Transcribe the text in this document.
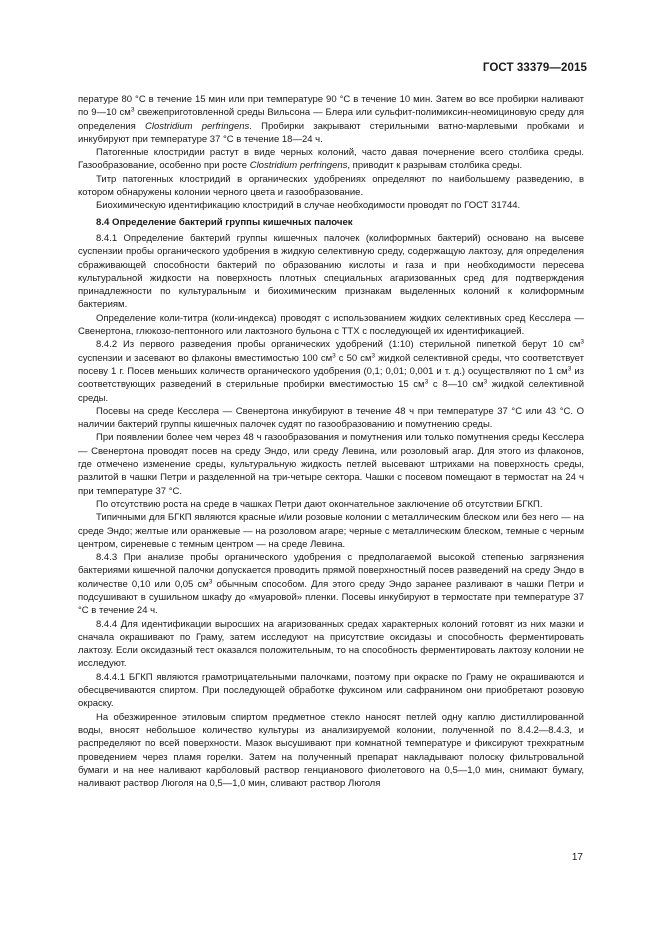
ГОСТ 33379—2015

пературе 80 °С в течение 15 мин или при температуре 90 °С в течение 10 мин. Затем во все пробирки наливают по 9—10 $см^3$ свежеприготовленной среды Вильсона — Блера или сульфит-полимиксин-неомициновую среду для определения Clostridium perfringens. Пробирки закрывают стерильными ватно-марлевыми пробками и инкубируют при температуре 37 °С в течение 18—24 ч.

Патогенные клостридии растут в виде черных колоний, часто давая почернение всего столбика среды. Газообразование, особенно при росте Clostridium perfringens, приводит к разрывам столбика среды.

Титр патогенных клостридий в органических удобрениях определяют по наибольшему разведению, в котором обнаружены колонии черного цвета и газообразование.

Биохимическую идентификацию клостридий в случае необходимости проводят по ГОСТ 31744.

8.4 Определение бактерий группы кишечных палочек

8.4.1 Определение бактерий группы кишечных палочек (колиформных бактерий) основано на высеве суспензии пробы органического удобрения в жидкую селективную среду, содержащую лактозу, для определения сбраживающей способности бактерий по образованию кислоты и газа и при необходимости пересева культуральной жидкости на поверхность плотных специальных агаризованных сред для подтверждения принадлежности по культуральным и биохимическим признакам выделенных колоний к колиформным бактериям.

Определение коли-титра (коли-индекса) проводят с использованием жидких селективных сред Кесслера — Свенертона, глюкозо-пептонного или лактозного бульона с ТТХ с последующей их идентификацией.

8.4.2 Из первого разведения пробы органических удобрений (1:10) стерильной пипеткой берут 10 $см^3$ суспензии и засевают во флаконы вместимостью 100 $см^3$ с 50 $см^3$ жидкой селективной среды, что соответствует посеву 1 г. Посев меньших количеств органического удобрения (0,1; 0,01; 0,001 и т. д.) осуществляют по 1 $см^3$ из соответствующих разведений в стерильные пробирки вместимостью 15 $см^3$ с 8—10 $см^3$ жидкой селективной среды.

Посевы на среде Кесслера — Свенертона инкубируют в течение 48 ч при температуре 37 °С или 43 °С. О наличии бактерий группы кишечных палочек судят по газообразованию и помутнению среды.

При появлении более чем через 48 ч газообразования и помутнения или только помутнения среды Кесслера — Свенертона проводят посев на среду Эндо, или среду Левина, или розоловый агар. Для этого из флаконов, где отмечено изменение среды, культуральную жидкость петлей высевают штрихами на поверхность среды, разлитой в чашки Петри и разделенной на три-четыре сектора. Чашки с посевом помещают в термостат на 24 ч при температуре 37 °С.

По отсутствию роста на среде в чашках Петри дают окончательное заключение об отсутствии БГКП.

Типичными для БГКП являются красные и/или розовые колонии с металлическим блеском или без него — на среде Эндо; желтые или оранжевые — на розоловом агаре; черные с металлическим блеском, темные с черным центром, сиреневые с темным центром — на среде Левина.

8.4.3 При анализе пробы органического удобрения с предполагаемой высокой степенью загрязнения бактериями кишечной палочки допускается проводить прямой поверхностный посев разведений на среду Эндо в количестве 0,10 или 0,05 $см^3$ обычным способом. Для этого среду Эндо заранее разливают в чашки Петри и подсушивают в сушильном шкафу до «муаровой» пленки. Посевы инкубируют в термостате при температуре 37 °С в течение 24 ч.

8.4.4 Для идентификации выросших на агаризованных средах характерных колоний готовят из них мазки и сначала окрашивают по Граму, затем исследуют на присутствие оксидазы и способность ферментировать лактозу. Если оксидазный тест оказался положительным, то на способность ферментировать лактозу колонии не исследуют.

8.4.4.1 БГКП являются грамотрицательными палочками, поэтому при окраске по Граму не окрашиваются и обесцвечиваются спиртом. При последующей обработке фуксином или сафранином они приобретают розовую окраску.

На обезжиренное этиловым спиртом предметное стекло наносят петлей одну каплю дистиллированной воды, вносят небольшое количество культуры из анализируемой колонии, полученной по 8.4.2—8.4.3, и распределяют по всей поверхности. Мазок высушивают при комнатной температуре и фиксируют трехкратным проведением через пламя горелки. Затем на полученный препарат накладывают полоску фильтровальной бумаги и на нее наливают карболовый раствор генцианового фиолетового на 0,5—1,0 мин, снимают бумагу, наливают раствор Люголя на 0,5—1,0 мин, сливают раствор Люголя

17
